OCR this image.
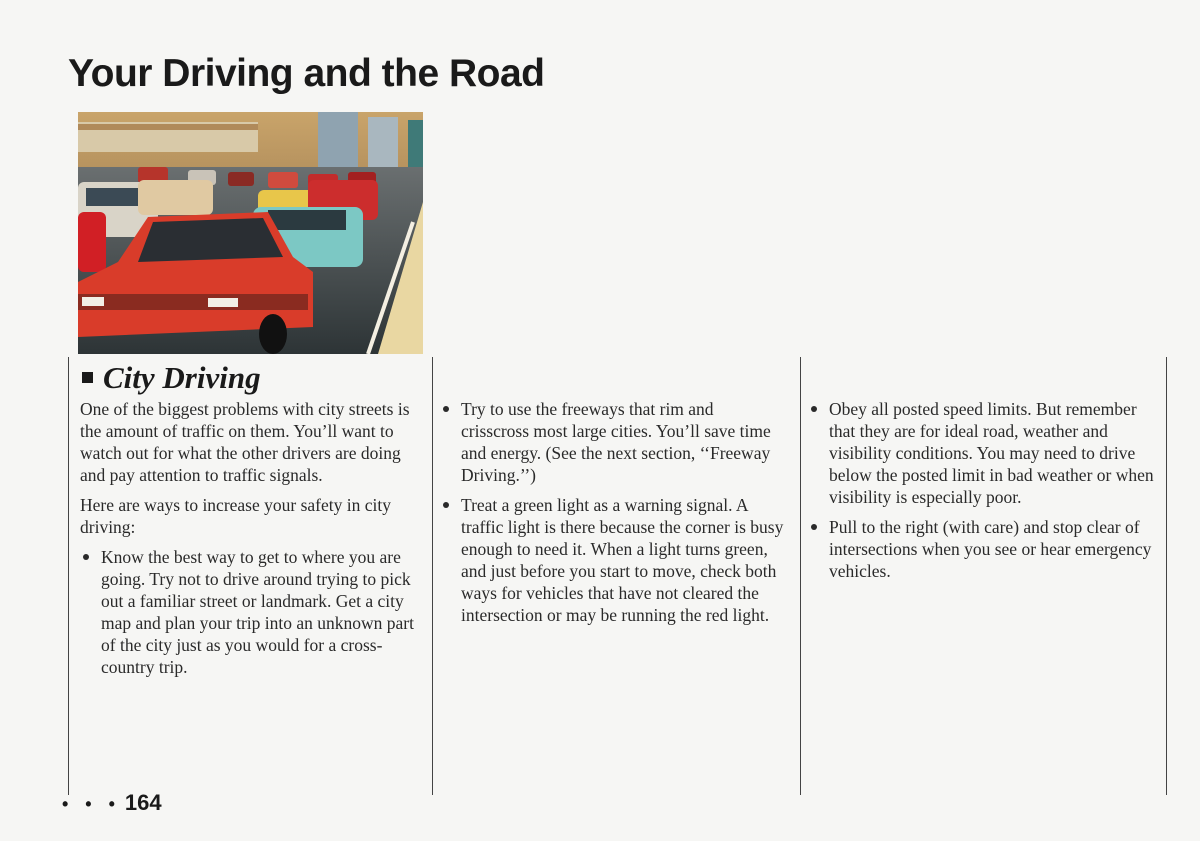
Your Driving and the Road
City Driving

One of the biggest problems with city streets is the amount of traffic on them. You’ll want to watch out for what the other drivers are doing and pay attention to traffic signals.

Here are ways to increase your safety in city driving:

Know the best way to get to where you are going. Try not to drive around trying to pick out a familiar street or landmark. Get a city map and plan your trip into an unknown part of the city just as you would for a cross-country trip.
Try to use the freeways that rim and crisscross most large cities. You’ll save time and energy. (See the next section, ‘‘Freeway Driving.’’)
Treat a green light as a warning signal. A traffic light is there because the corner is busy enough to need it. When a light turns green, and just before you start to move, check both ways for vehicles that have not cleared the intersection or may be running the red light.
Obey all posted speed limits. But remember that they are for ideal road, weather and visibility conditions. You may need to drive below the posted limit in bad weather or when visibility is especially poor.
Pull to the right (with care) and stop clear of intersections when you see or hear emergency vehicles.
• • • 164
